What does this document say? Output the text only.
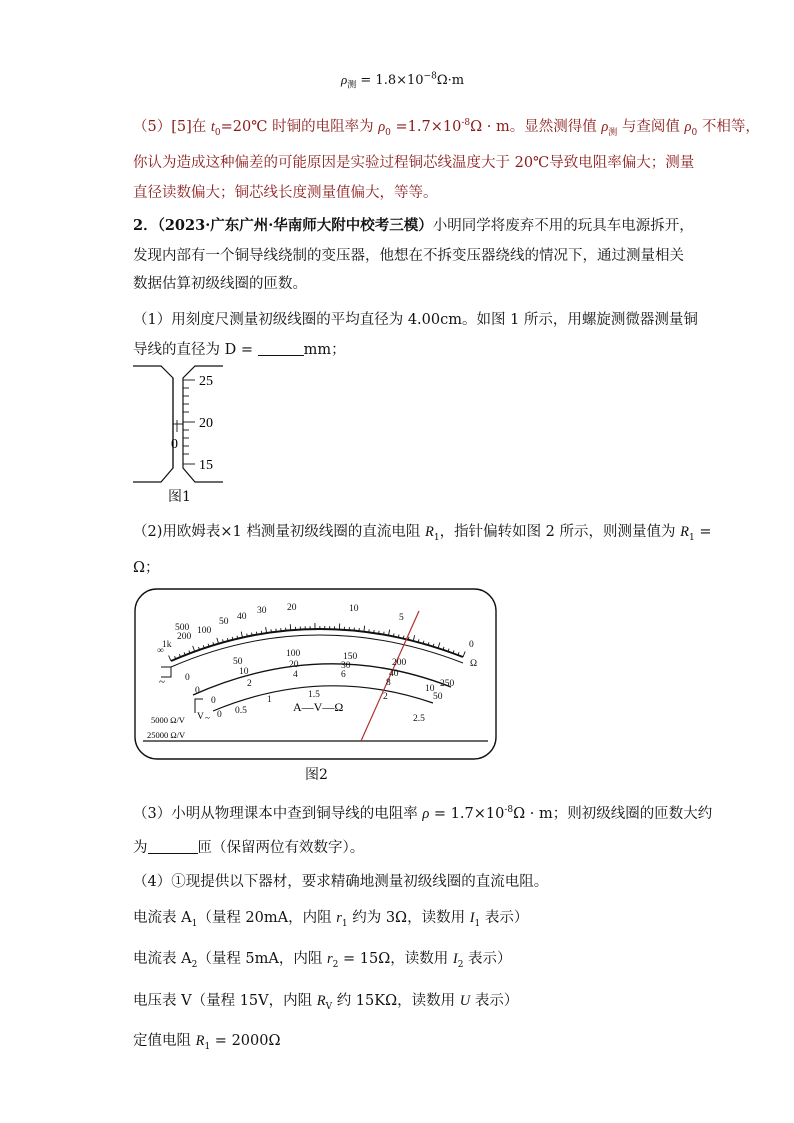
$\rho_测 = 1.8\times 10^{-8}\Omega\cdot m$
（5）[5]在 $t_0=20℃$ 时铜的电阻率为 $\rho_0 =1.7\times 10^{-8}\Omega \cdot m$。显然测得值 $\rho_测$ 与查阅值 $\rho_0$ 不相等，
你认为造成这种偏差的可能原因是实验过程铜芯线温度大于 20℃导致电阻率偏大；测量
直径读数偏大；铜芯线长度测量值偏大，等等。
2．（2023·广东广州·华南师大附中校考三模）小明同学将废弃不用的玩具车电源拆开，
发现内部有一个铜导线绕制的变压器，他想在不拆变压器绕线的情况下，通过测量相关
数据估算初级线圈的匝数。
（1）用刻度尺测量初级线圈的平均直径为 4.00cm。如图 1 所示，用螺旋测微器测量铜
导线的直径为 D =	mm；
25
20
15
0
图1
（2)用欧姆表×1 档测量初级线圈的直流电阻 $R_1$，指针偏转如图 2 所示，则测量值为 $R_1$ =
Ω；
∞
1k
500
200
100
50 40
30 20	10
5
0
Ω
250
200
150
100
50
0
50
40
30
20
10
0	10
8
6
4
2
0
2.5
2
1.5
1
0.5
0
A—V—Ω
~
V ~
5000 Ω/V
25000 Ω/V
图2
（3）小明从物理课本中查到铜导线的电阻率 $\rho = 1.7\times 10^{-8}\Omega \cdot m$；则初级线圈的匝数大约
为	匝（保留两位有效数字）。
（4）①现提供以下器材，要求精确地测量初级线圈的直流电阻。
电流表 $A_1$（量程 20mA，内阻 $r_1$ 约为 3Ω，读数用 $I_1$ 表示）
电流表 $A_2$（量程 5mA，内阻 $r_2 = 15\Omega$，读数用 $I_2$ 表示）
电压表 V（量程 15V，内阻 $R_V$ 约 15KΩ，读数用 U 表示）
定值电阻 $R_1 = 2000\Omega$
